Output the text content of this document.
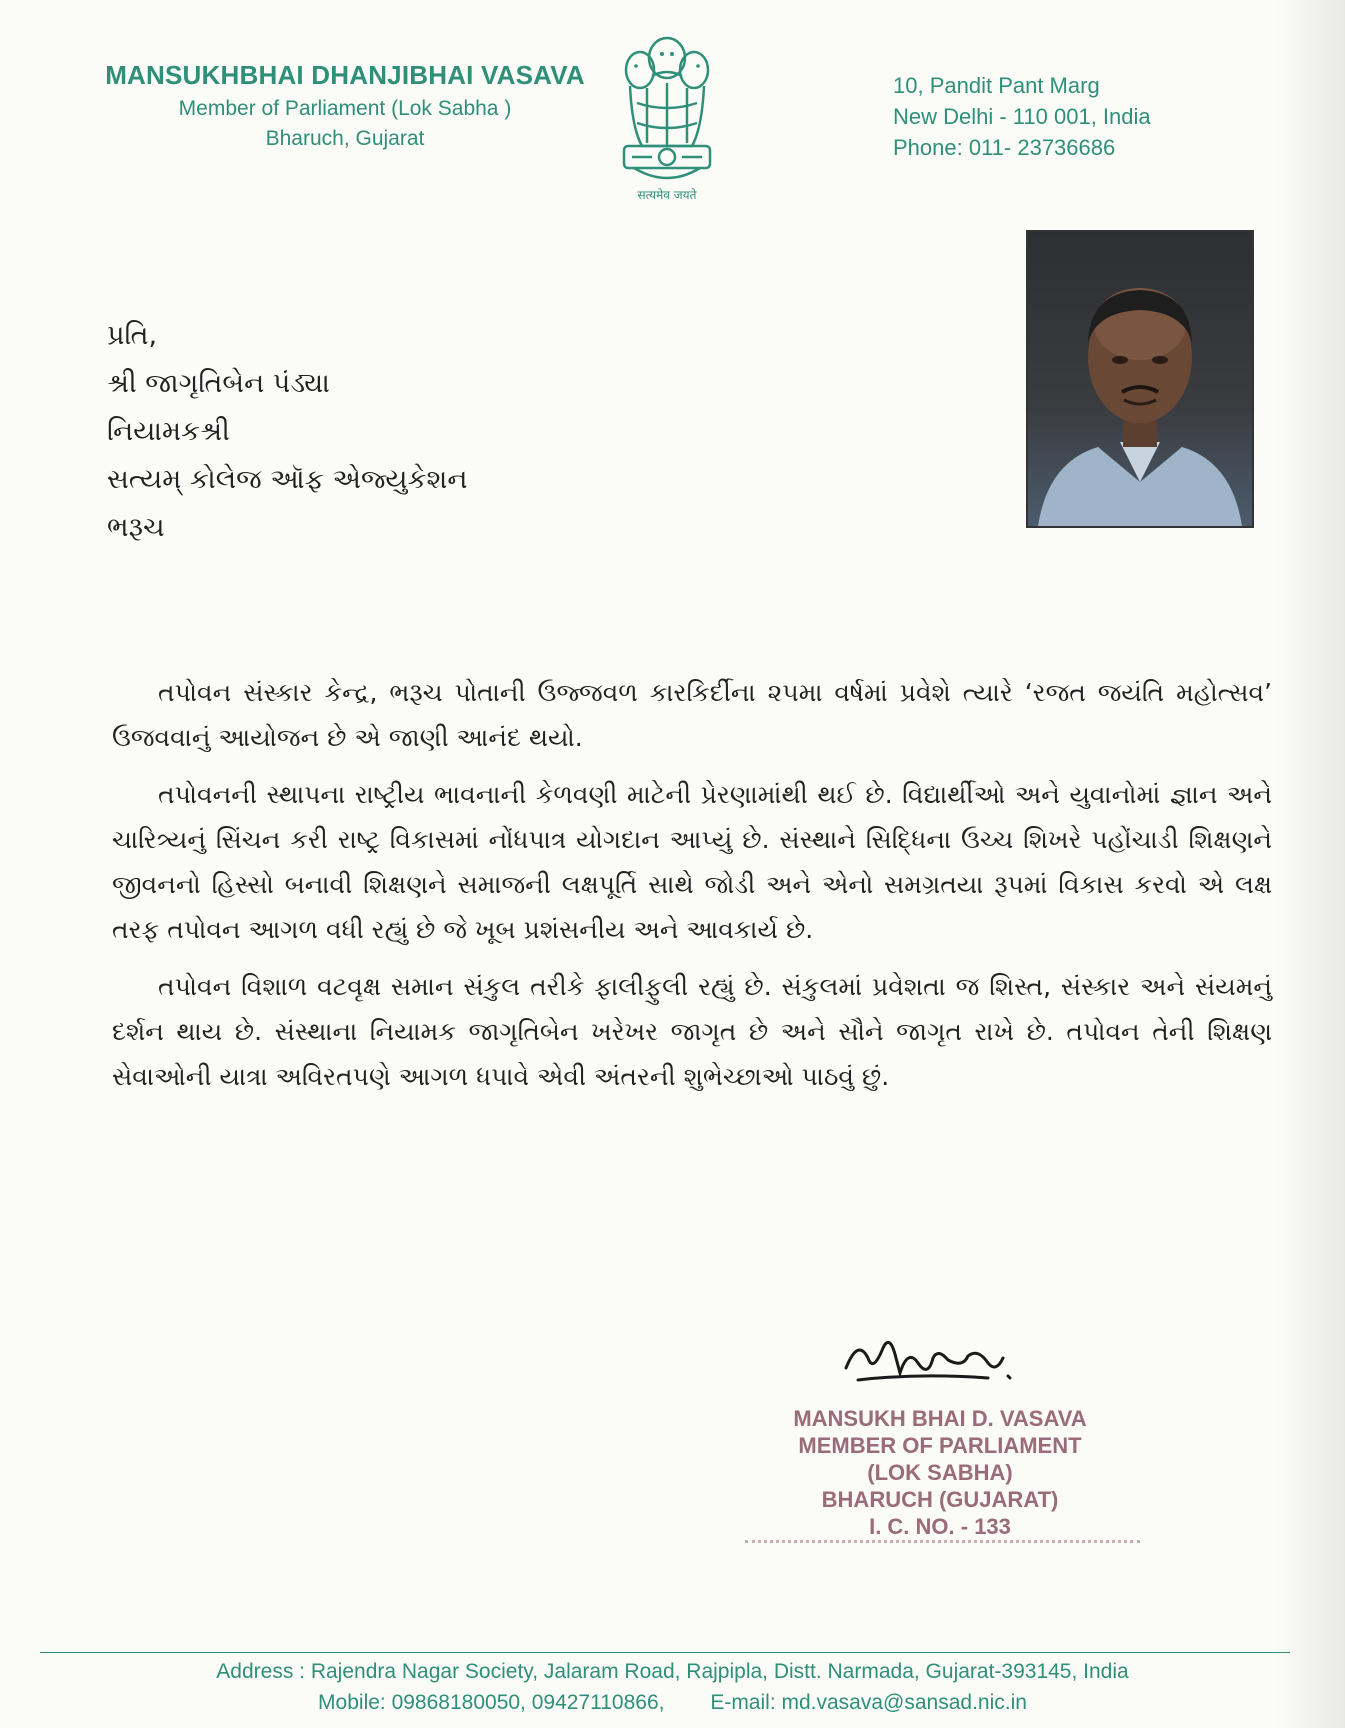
MANSUKHBHAI DHANJIBHAI VASAVA
Member of Parliament (Lok Sabha )
Bharuch, Gujarat
सत्यमेव जयते
10, Pandit Pant Marg
New Delhi - 110 001, India
Phone: 011- 23736686
પ્રતિ,
શ્રી જાગૃતિબેન પંડ્યા
નિયામકશ્રી
સત્યમ્ કોલેજ ઑફ એજ્યુકેશન
ભરૂચ

તપોવન સંસ્કાર કેન્દ્ર, ભરૂચ પોતાની ઉજ્જવળ કારકિર્દીના ૨૫મા વર્ષમાં પ્રવેશે ત્યારે ‘રજત જયંતિ મહોત્સવ’ ઉજવવાનું આયોજન છે એ જાણી આનંદ થયો.

તપોવનની સ્થાપના રાષ્ટ્રીય ભાવનાની કેળવણી માટેની પ્રેરણામાંથી થઈ છે. વિદ્યાર્થીઓ અને યુવાનોમાં જ્ઞાન અને ચારિત્ર્યનું સિંચન કરી રાષ્ટ્ર વિકાસમાં નોંધપાત્ર યોગદાન આપ્યું છે. સંસ્થાને સિદ્ધિના ઉચ્ચ શિખરે પહોંચાડી શિક્ષણને જીવનનો હિસ્સો બનાવી શિક્ષણને સમાજની લક્ષપૂર્તિ સાથે જોડી અને એનો સમગ્રતયા રૂપમાં વિકાસ કરવો એ લક્ષ તરફ તપોવન આગળ વધી રહ્યું છે જે ખૂબ પ્રશંસનીય અને આવકાર્ય છે.

તપોવન વિશાળ વટવૃક્ષ સમાન સંકુલ તરીકે ફાલીફુલી રહ્યું છે. સંકુલમાં પ્રવેશતા જ શિસ્ત, સંસ્કાર અને સંયમનું દર્શન થાય છે. સંસ્થાના નિયામક જાગૃતિબેન ખરેખર જાગૃત છે અને સૌને જાગૃત રાખે છે. તપોવન તેની શિક્ષણ સેવાઓની યાત્રા અવિરતપણે આગળ ધપાવે એવી અંતરની શુભેચ્છાઓ પાઠવું છું.

MANSUKH BHAI D. VASAVA
MEMBER OF PARLIAMENT
(LOK SABHA)
BHARUCH (GUJARAT)
I. C. NO. - 133
Address : Rajendra Nagar Society, Jalaram Road, Rajpipla, Distt. Narmada, Gujarat-393145, India
Mobile: 09868180050, 09427110866, E-mail: md.vasava@sansad.nic.in
